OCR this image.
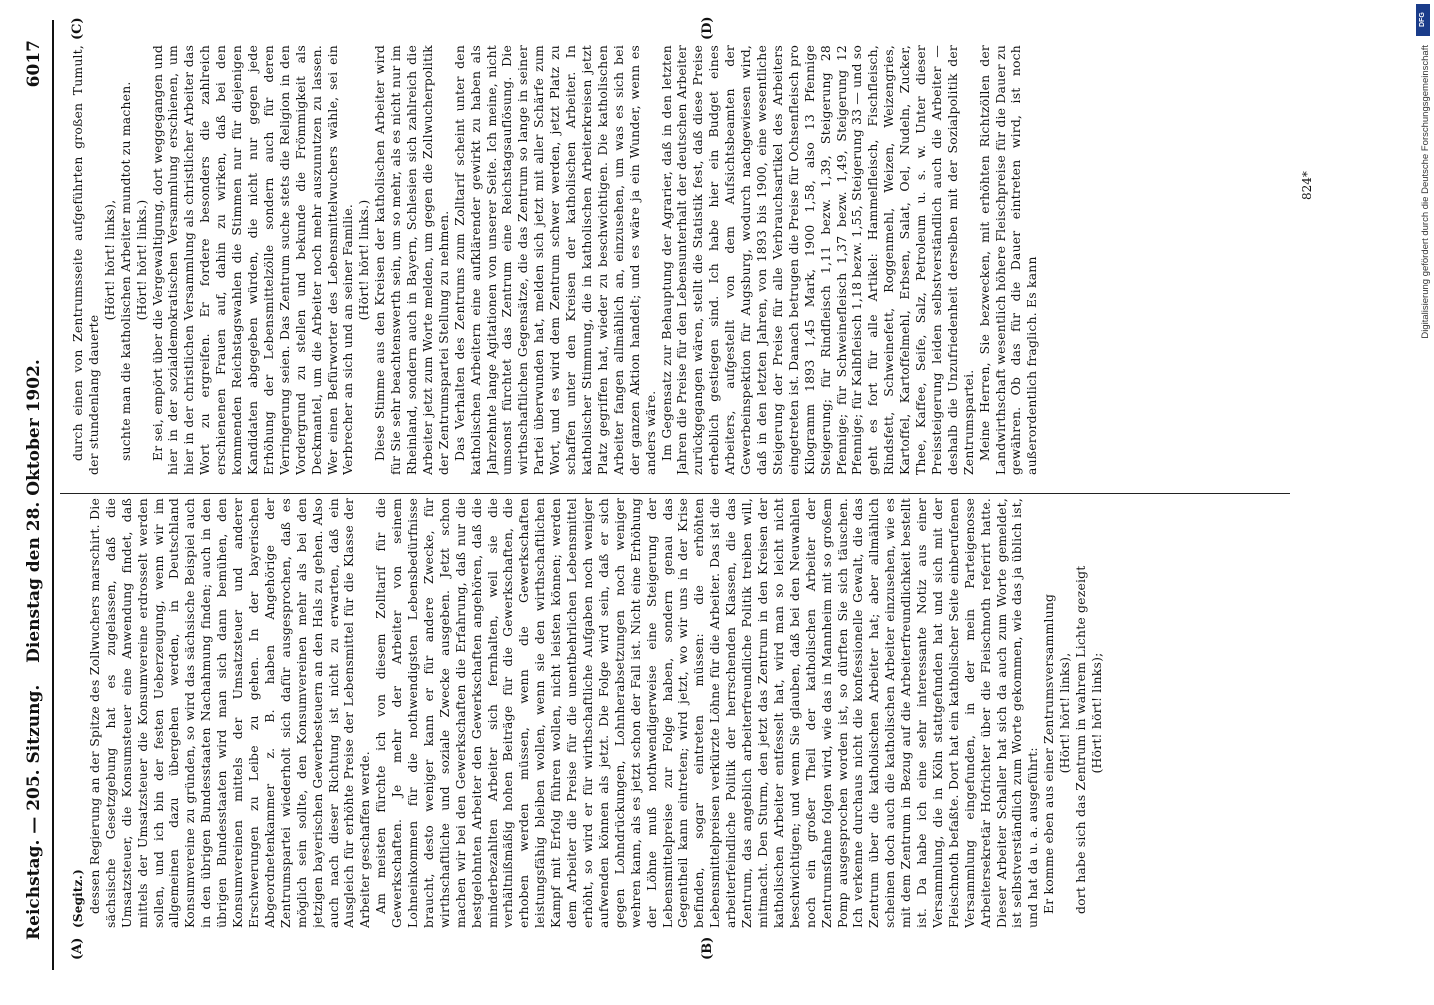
Reichstag. — 205. Sitzung.
Dienstag den 28. Oktober 1902.  6017
(A)	(B)
(C)	(D)

(Segitz.) dessen Regierung an der Spitze des Zollwuchers marschirt. Die sächsische Gesetzgebung hat es zugelassen, daß die Umsatzsteuer, die Konsumsteuer eine Anwendung findet, daß mittels der Umsatzsteuer die Konsumvereine erdrosselt werden sollen, und ich bin der festen Ueberzeugung, wenn wir im allgemeinen dazu übergehen werden, in Deutschland Konsumvereine zu gründen, so wird das sächsische Beispiel auch in den übrigen Bundesstaaten Nachahmung finden; auch in den übrigen Bundesstaaten wird man sich dann bemühen, den Konsumvereinen mittels der Umsatzsteuer und anderer Erschwerungen zu Leibe zu gehen. In der bayerischen Abgeordnetenkammer z. B. haben Angehörige der Zentrumspartei wiederholt sich dafür ausgesprochen, daß es möglich sein sollte, den Konsumvereinen mehr als bei den jetzigen bayerischen Gewerbesteuern an den Hals zu gehen. Also auch nach dieser Richtung ist nicht zu erwarten, daß ein Ausgleich für erhöhte Preise der Lebensmittel für die Klasse der Arbeiter geschaffen werde. Am meisten fürchte ich von diesem Zolltarif für die Gewerkschaften. Je mehr der Arbeiter von seinem Lohneinkommen für die nothwendigsten Lebensbedürfnisse braucht, desto weniger kann er für andere Zwecke, für wirthschaftliche und soziale Zwecke ausgeben. Jetzt schon machen wir bei den Gewerkschaften die Erfahrung, daß nur die bestgelohnten Arbeiter den Gewerkschaften angehören, daß die minderbezahlten Arbeiter sich fernhalten, weil sie die verhältnißmäßig hohen Beiträge für die Gewerkschaften, die erhoben werden müssen, wenn die Gewerkschaften leistungsfähig bleiben wollen, wenn sie den wirthschaftlichen Kampf mit Erfolg führen wollen, nicht leisten können; werden dem Arbeiter die Preise für die unentbehrlichen Lebensmittel erhöht, so wird er für wirthschaftliche Aufgaben noch weniger aufwenden können als jetzt. Die Folge wird sein, daß er sich gegen Lohndrückungen, Lohnherabsetzungen noch weniger wehren kann, als es jetzt schon der Fall ist. Nicht eine Erhöhung der Löhne muß nothwendigerweise eine Steigerung der Lebensmittelpreise zur Folge haben, sondern genau das Gegentheil kann eintreten; wird jetzt, wo wir uns in der Krise befinden, sogar eintreten müssen: die erhöhten Lebensmittelpreisen verkürzte Löhne für die Arbeiter. Das ist die arbeiterfeindliche Politik der herrschenden Klassen, die das Zentrum, das angeblich arbeiterfreundliche Politik treiben will, mitmacht. Den Sturm, den jetzt das Zentrum in den Kreisen der katholischen Arbeiter entfesselt hat, wird man so leicht nicht beschwichtigen; und wenn Sie glauben, daß bei den Neuwahlen noch ein großer Theil der katholischen Arbeiter der Zentrumsfahne folgen wird, wie das in Mannheim mit so großem Pomp ausgesprochen worden ist, so dürften Sie sich täuschen. Ich verkenne durchaus nicht die konfessionelle Gewalt, die das Zentrum über die katholischen Arbeiter hat; aber allmählich scheinen doch auch die katholischen Arbeiter einzusehen, wie es mit dem Zentrum in Bezug auf die Arbeiterfreundlichkeit bestellt ist. Da habe ich eine sehr interessante Notiz aus einer Versammlung, die in Köln stattgefunden hat und sich mit der Fleischnoth befaßte. Dort hat ein katholischer Seite einberufenen Versammlung eingefunden, in der mein Parteigenosse Arbeitersekretär Hofrichter über die Fleischnoth referirt hatte. Dieser Arbeiter Schaller hat sich da auch zum Worte gemeldet, ist selbstverständlich zum Worte gekommen, wie das ja üblich ist, und hat da u. a. ausgeführt: Er komme eben aus einer Zentrumsversammlung (Hört! hört! links), dort habe sich das Zentrum in wahrem Lichte gezeigt (Hört! hört! links);

durch einen von Zentrumsseite aufgeführten großen Tumult, der stundenlang dauerte

(Hört! hört! links), suchte man die katholischen Arbeiter mundtot zu machen. (Hört! hört! links.) Er sei, empört über die Vergewaltigung, dort weggegangen und hier in der sozialdemokratischen Versammlung erschienen, um hier in der christlichen Versammlung als christlicher Arbeiter das Wort zu ergreifen. Er fordere besonders die zahlreich erschienenen Frauen auf, dahin zu wirken, daß bei den kommenden Reichstagswahlen die Stimmen nur für diejenigen Kandidaten abgegeben würden, die nicht nur gegen jede Erhöhung der Lebensmittelzölle sondern auch für deren Verringerung seien. Das Zentrum suche stets die Religion in den Vordergrund zu stellen und bekunde die Frömmigkeit als Deckmantel, um die Arbeiter noch mehr auszunutzen zu lassen. Wer einen Befürworter des Lebensmittelwuchers wähle, sei ein Verbrecher an sich und an seiner Familie. (Hört! hört! links.) Diese Stimme aus den Kreisen der katholischen Arbeiter wird für Sie sehr beachtenswerth sein, um so mehr, als es nicht nur im Rheinland, sondern auch in Bayern, Schlesien sich zahlreich die Arbeiter jetzt zum Worte melden, um gegen die Zollwucherpolitik der Zentrumspartei Stellung zu nehmen. Das Verhalten des Zentrums zum Zolltarif scheint unter den katholischen Arbeitern eine aufklärender gewirkt zu haben als Jahrzehnte lange Agitationen von unserer Seite. Ich meine, nicht umsonst fürchtet das Zentrum eine Reichstagsauflösung. Die wirthschaftlichen Gegensätze, die das Zentrum so lange in seiner Partei überwunden hat, melden sich jetzt mit aller Schärfe zum Wort, und es wird dem Zentrum schwer werden, jetzt Platz zu schaffen unter den Kreisen der katholischen Arbeiter. In katholischer Stimmung, die in katholischen Arbeiterkreisen jetzt Platz gegriffen hat, wieder zu beschwichtigen. Die katholischen Arbeiter fangen allmählich an, einzusehen, um was es sich bei der ganzen Aktion handelt; und es wäre ja ein Wunder, wenn es anders wäre. Im Gegensatz zur Behauptung der Agrarier, daß in den letzten Jahren die Preise für den Lebensunterhalt der deutschen Arbeiter zurückgegangen wären, stellt die Statistik fest, daß diese Preise erheblich gestiegen sind. Ich habe hier ein Budget eines Arbeiters, aufgestellt von dem Aufsichtsbeamten der Gewerbeinspektion für Augsburg, wodurch nachgewiesen wird, daß in den letzten Jahren, von 1893 bis 1900, eine wesentliche Steigerung der Preise für alle Verbrauchsartikel des Arbeiters eingetreten ist. Danach betrugen die Preise für Ochsenfleisch pro Kilogramm 1893 1,45 Mark, 1900 1,58, also 13 Pfennige Steigerung; für Rindfleisch 1,11 bezw. 1,39, Steigerung 28 Pfennige; für Schweinefleisch 1,37 bezw. 1,49, Steigerung 12 Pfennige; für Kalbfleisch 1,18 bezw. 1,55, Steigerung 33 — und so geht es fort für alle Artikel: Hammelfleisch, Fischfleisch, Rindsfett, Schweinefett, Roggenmehl, Weizen, Weizengries, Kartoffel, Kartoffelmehl, Erbsen, Salat, Oel, Nudeln, Zucker, Thee, Kaffee, Seife, Salz, Petroleum u. s. w. Unter dieser Preissteigerung leiden selbstverständlich auch die Arbeiter — deshalb die Unzufriedenheit derselben mit der Sozialpolitik der Zentrumspartei. Meine Herren, Sie bezwecken, mit erhöhten Richtzöllen der Landwirthschaft wesentlich höhere Fleischpreise für die Dauer zu gewähren. Ob das für die Dauer eintreten wird, ist noch außerordentlich fraglich. Es kann

824*	Digitalisierung gefördert durch die Deutsche Forschungsgemeinschaft
DFG
